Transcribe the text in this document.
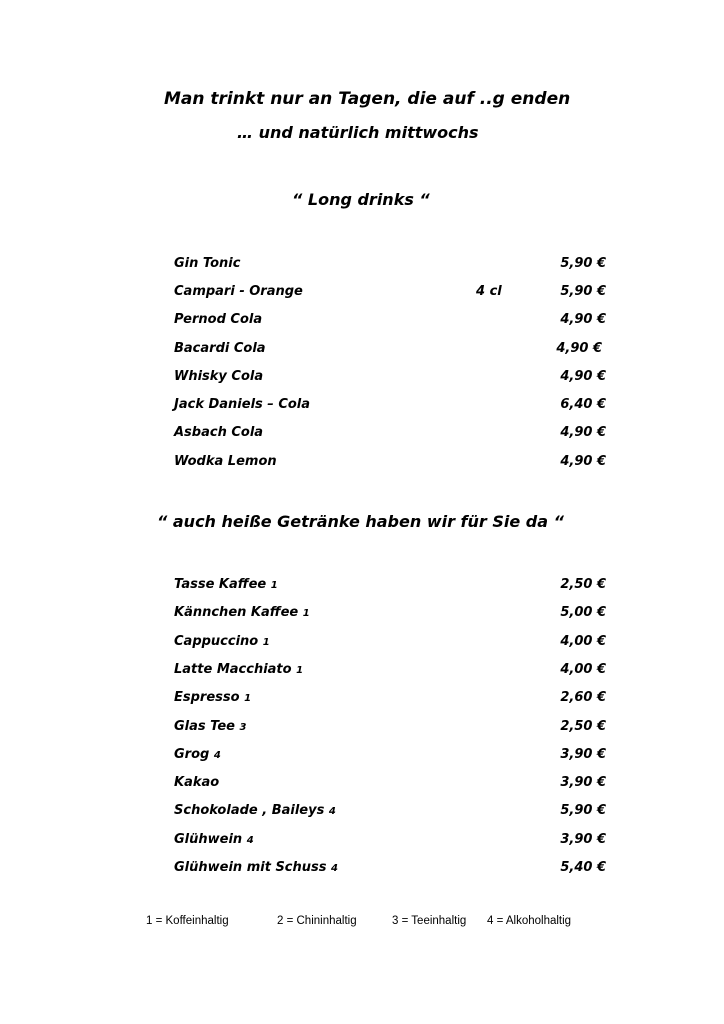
Man trinkt nur an Tagen, die auf ..g enden
… und natürlich mittwochs
“ Long drinks “
Gin Tonic	5,90 €
Campari - Orange	4 cl	5,90 €
Pernod Cola	4,90 €
Bacardi Cola	4,90 €
Whisky Cola	4,90 €
Jack Daniels – Cola	6,40 €
Asbach Cola	4,90 €
Wodka Lemon	4,90 €
“ auch heiße Getränke haben wir für Sie da “
Tasse Kaffee 1	2,50 €
Kännchen Kaffee 1	5,00 €
Cappuccino 1	4,00 €
Latte Macchiato 1	4,00 €
Espresso 1	2,60 €
Glas Tee 3	2,50 €
Grog 4	3,90 €
Kakao	3,90 €
Schokolade , Baileys 4	5,90 €
Glühwein 4	3,90 €
Glühwein mit Schuss 4	5,40 €
1 = Koffeinhaltig	2 = Chininhaltig	3 = Teeinhaltig 4 = Alkoholhaltig
